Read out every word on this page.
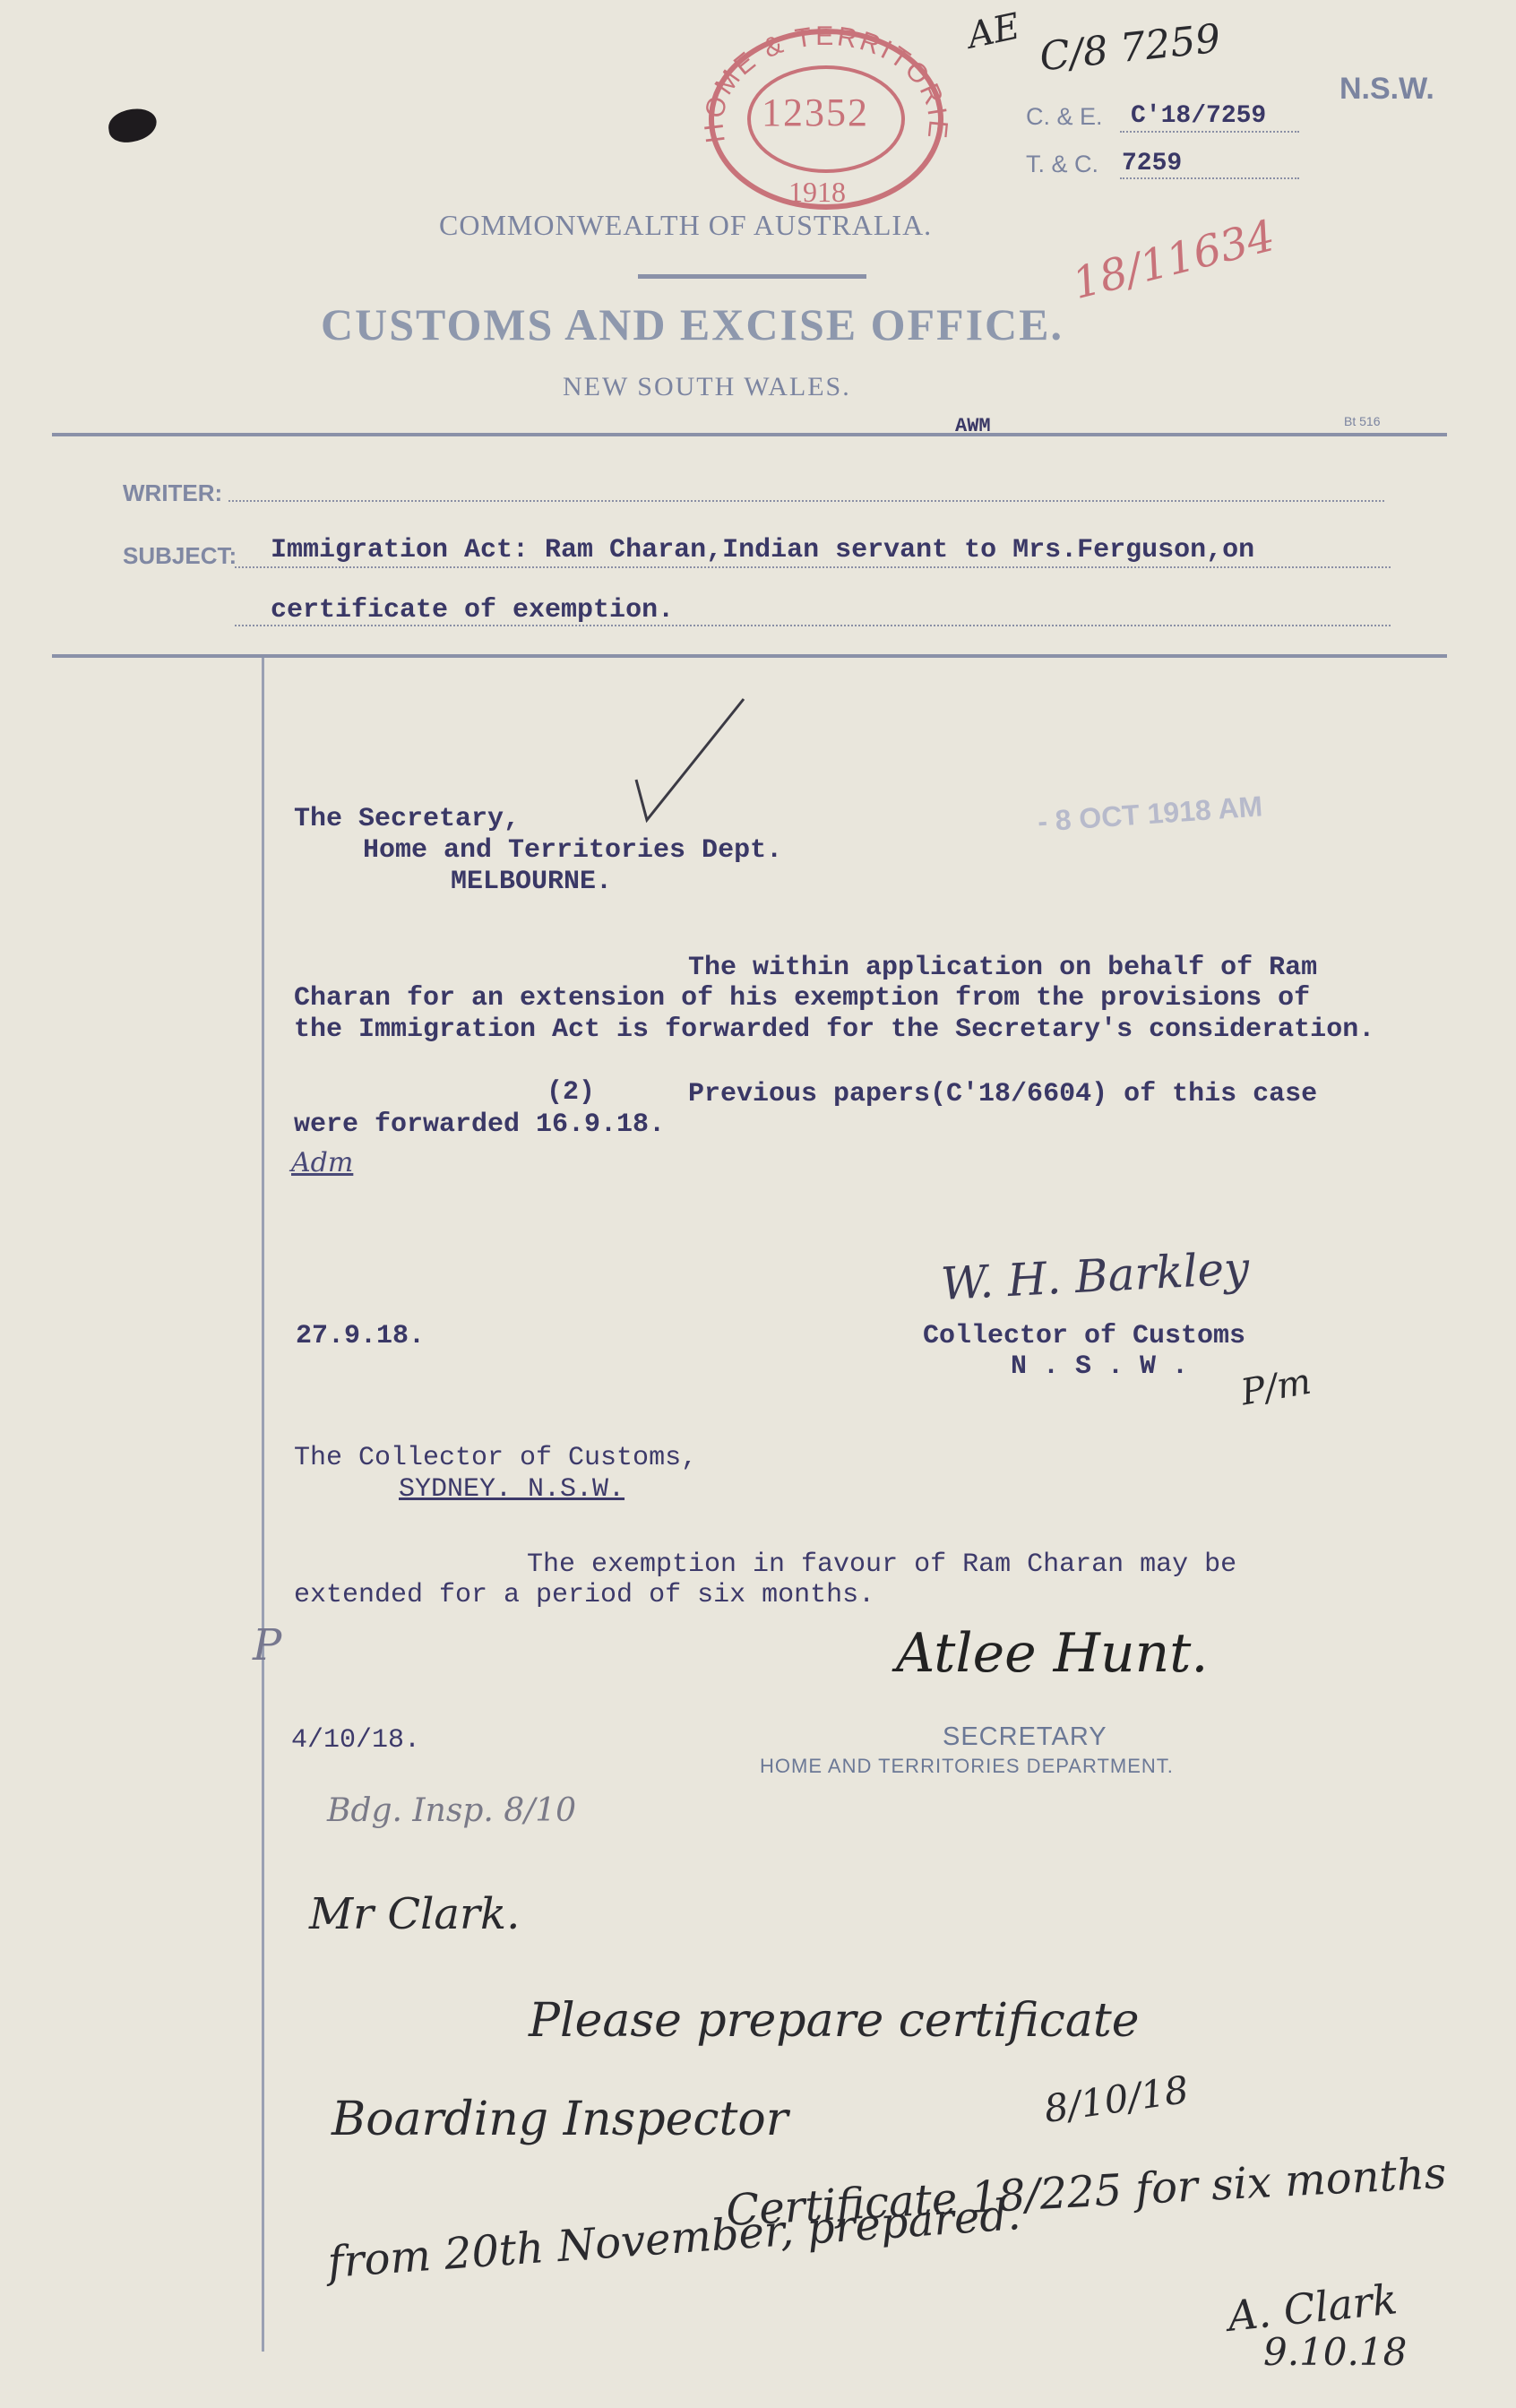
HOME & TERRITORIE
12352
1918
AE C/8 7259
C. & E. C'18/7259
T. & C. 7259
N.S.W.
COMMONWEALTH OF AUSTRALIA.
CUSTOMS AND EXCISE OFFICE.
NEW SOUTH WALES.
18/11634
AWM	Bt 516
WRITER:
SUBJECT: Immigration Act: Ram Charan,Indian servant to Mrs.Ferguson,on
certificate of exemption.
- 8 OCT 1918 AM
The Secretary,
Home and Territories Dept.
MELBOURNE.
The within application on behalf of Ram
Charan for an extension of his exemption from the provisions of
the Immigration Act is forwarded for the Secretary's consideration.
(2)	Previous papers(C'18/6604) of this case
were forwarded 16.9.18.
Adm
W. H. Barkley
27.9.18.	Collector of Customs
N . S . W . P/m
The Collector of Customs,
SYDNEY. N.S.W.
The exemption in favour of Ram Charan may be
extended for a period of six months.
P	Atlee Hunt.
4/10/18.	SECRETARY
HOME AND TERRITORIES DEPARTMENT.
Bdg. Insp. 8/10
Mr Clark.
Please prepare certificate
Boarding Inspector	8/10/18
Certificate 18/225 for six months
from 20th November, prepared.
A. Clark
9.10.18
